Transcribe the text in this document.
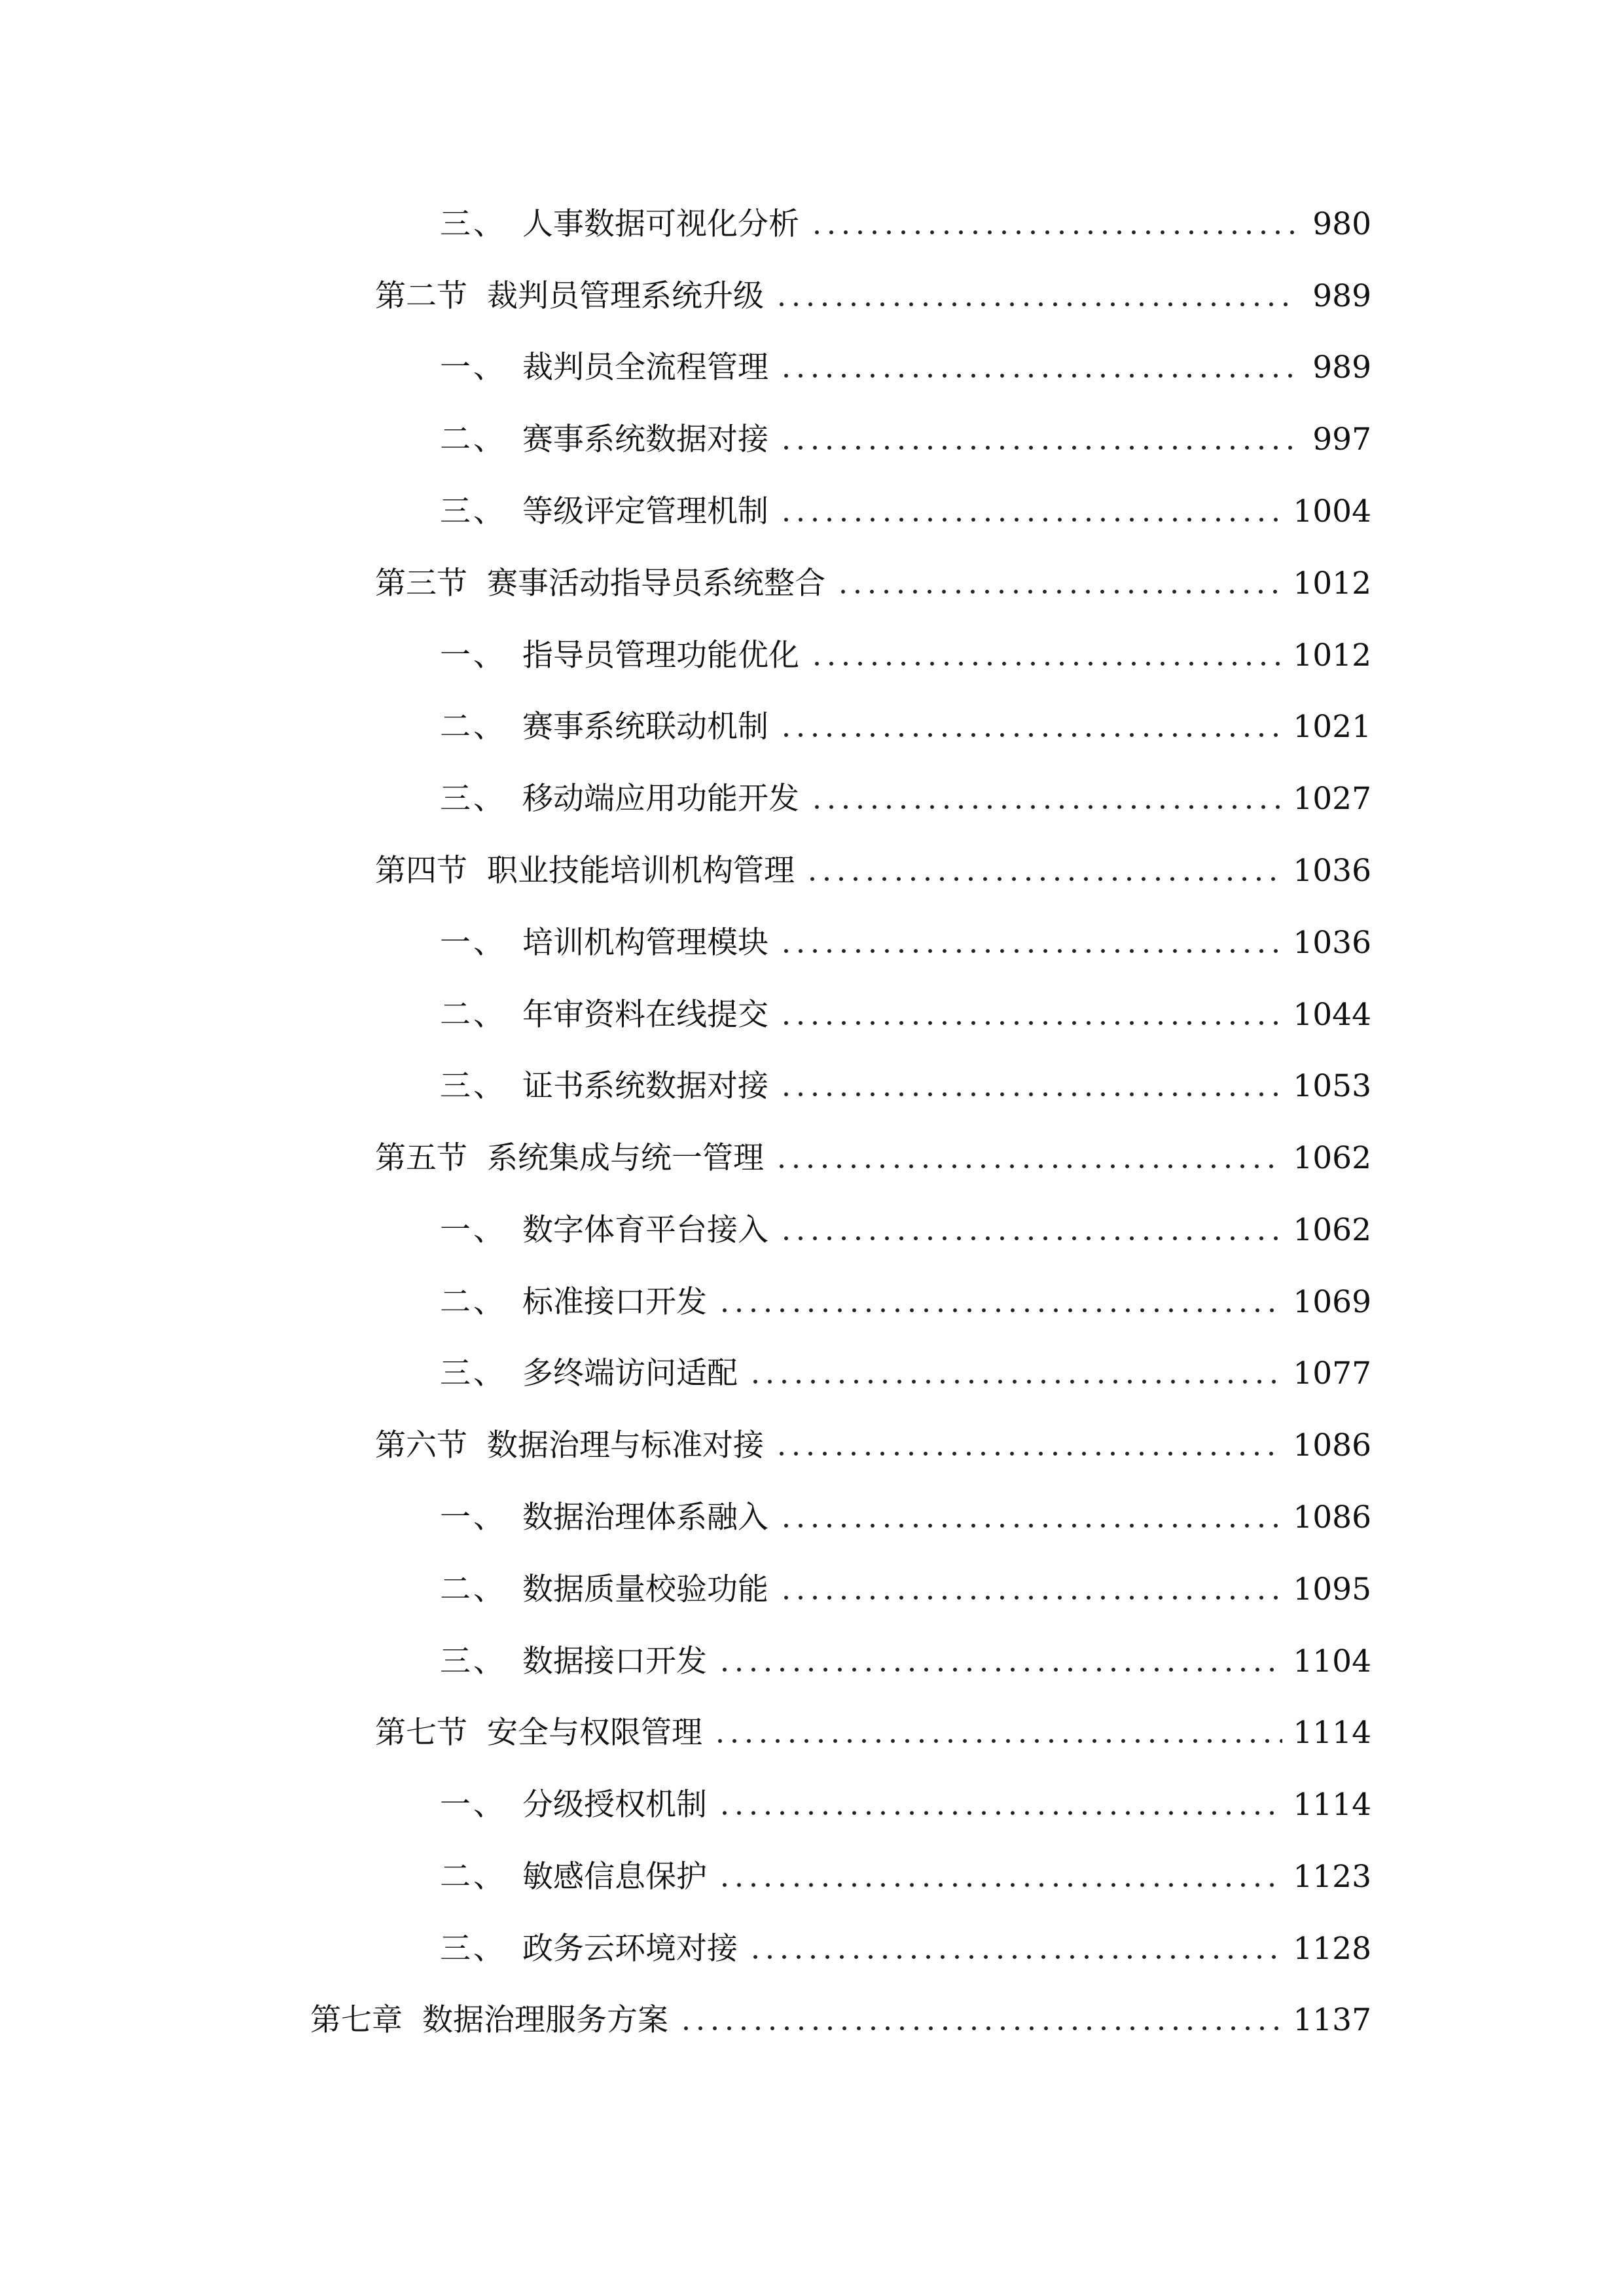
三、 人事数据可视化分析	980
第二节 裁判员管理系统升级	989
一、 裁判员全流程管理	989
二、 赛事系统数据对接	997
三、 等级评定管理机制	1004
第三节 赛事活动指导员系统整合	1012
一、 指导员管理功能优化	1012
二、 赛事系统联动机制	1021
三、 移动端应用功能开发	1027
第四节 职业技能培训机构管理	1036
一、 培训机构管理模块	1036
二、 年审资料在线提交	1044
三、 证书系统数据对接	1053
第五节 系统集成与统一管理	1062
一、 数字体育平台接入	1062
二、 标准接口开发	1069
三、 多终端访问适配	1077
第六节 数据治理与标准对接	1086
一、 数据治理体系融入	1086
二、 数据质量校验功能	1095
三、 数据接口开发	1104
第七节 安全与权限管理	1114
一、 分级授权机制	1114
二、 敏感信息保护	1123
三、 政务云环境对接	1128
第七章 数据治理服务方案	1137
